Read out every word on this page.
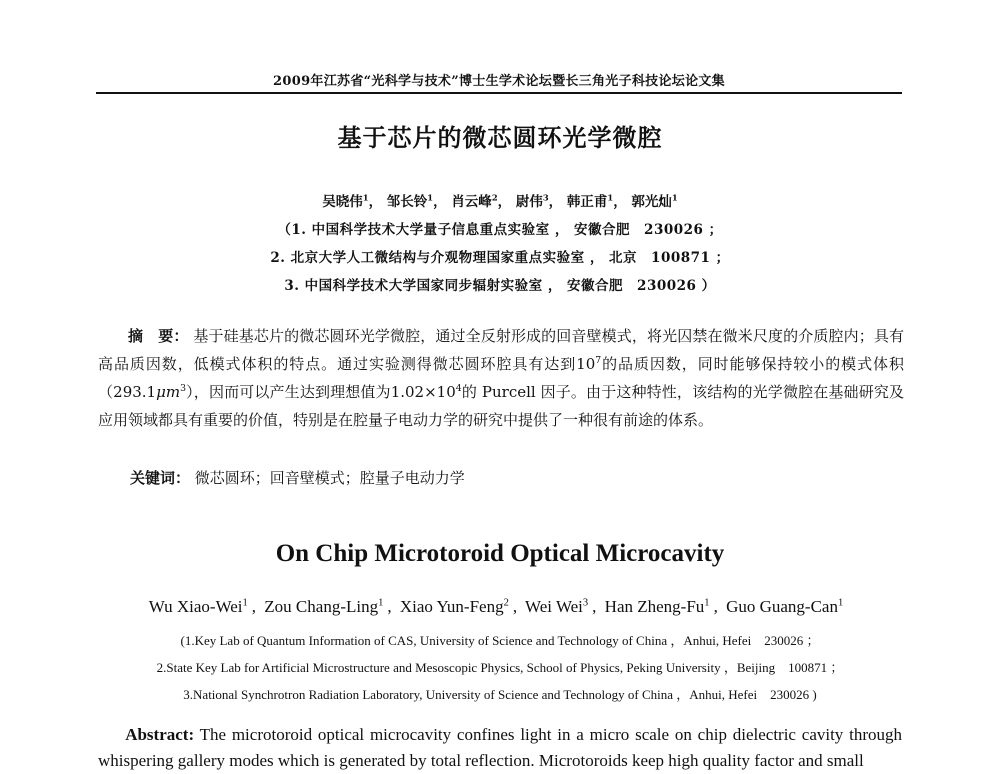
2009年江苏省“光科学与技术”博士生学术论坛暨长三角光子科技论坛论文集
基于芯片的微芯圆环光学微腔
吴晓伟$^1$， 邹长铃$^1$， 肖云峰$^2$， 尉伟$^3$， 韩正甫$^1$， 郭光灿$^1$
（1. 中国科学技术大学量子信息重点实验室 ， 安徽合肥　230026 ；
2. 北京大学人工微结构与介观物理国家重点实验室 ， 北京　100871 ；
3. 中国科学技术大学国家同步辐射实验室 ， 安徽合肥　230026 ）
摘　要： 基于硅基芯片的微芯圆环光学微腔，通过全反射形成的回音壁模式，将光囚禁在微米尺度的介质腔内；具有高品质因数，低模式体积的特点。通过实验测得微芯圆环腔具有达到$10^7$的品质因数，同时能够保持较小的模式体积$(293.1\mu m^3)$，因而可以产生达到理想值为$1.02\times 10^4$的 Purcell 因子。由于这种特性，该结构的光学微腔在基础研究及应用领域都具有重要的价值，特别是在腔量子电动力学的研究中提供了一种很有前途的体系。
关键词： 微芯圆环；回音壁模式；腔量子电动力学
On Chip Microtoroid Optical Microcavity
Wu Xiao-Wei$^1$ , Zou Chang-Ling$^1$ , Xiao Yun-Feng$^2$ , Wei Wei$^3$ , Han Zheng-Fu$^1$ , Guo Guang-Can$^1$
(1.Key Lab of Quantum Information of CAS, University of Science and Technology of China ，Anhui, Hefei　230026 ；
2.State Key Lab for Artificial Microstructure and Mesoscopic Physics, School of Physics, Peking University ，Beijing　100871 ；
3.National Synchrotron Radiation Laboratory, University of Science and Technology of China ，Anhui, Hefei　230026 )
Abstract: The microtoroid optical microcavity confines light in a micro scale on chip dielectric cavity through whispering gallery modes which is generated by total reflection. Microtoroids keep high quality factor and small
